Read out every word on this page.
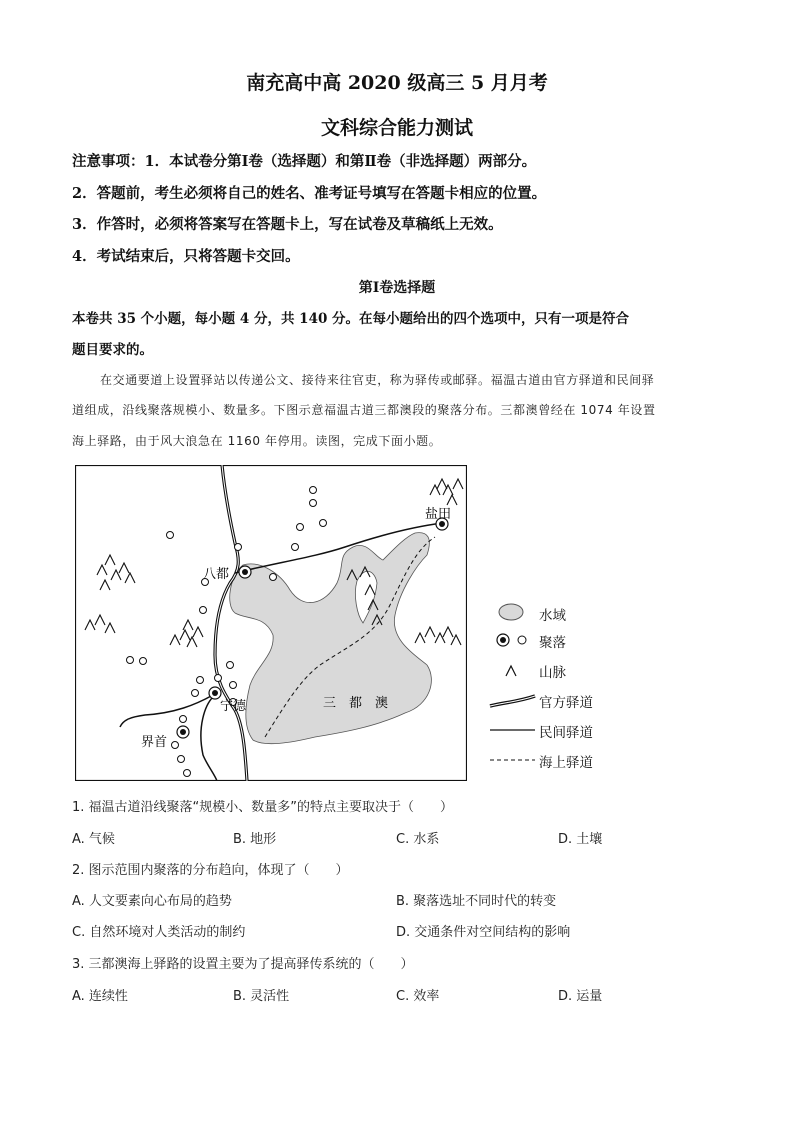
南充高中高 2020 级高三 5 月月考
文科综合能力测试
注意事项：1．本试卷分第Ⅰ卷（选择题）和第Ⅱ卷（非选择题）两部分。
2．答题前，考生必须将自己的姓名、准考证号填写在答题卡相应的位置。
3．作答时，必须将答案写在答题卡上，写在试卷及草稿纸上无效。
4．考试结束后，只将答题卡交回。
第Ⅰ卷选择题
本卷共 35 个小题，每小题 4 分，共 140 分。在每小题给出的四个选项中，只有一项是符合
题目要求的。
在交通要道上设置驿站以传递公文、接待来往官吏，称为驿传或邮驿。福温古道由官方驿道和民间驿
道组成，沿线聚落规模小、数量多。下图示意福温古道三都澳段的聚落分布。三都澳曾经在 1074 年设置
海上驿路，由于风大浪急在 1160 年停用。读图，完成下面小题。
盐田
八都
宁德
界首
三　都　澳
水域
聚落
山脉
官方驿道
民间驿道
海上驿道
1. 福温古道沿线聚落“规模小、数量多”的特点主要取决于（　　）
A. 气候	B. 地形	C. 水系	D. 土壤
2. 图示范围内聚落的分布趋向，体现了（　　）
A. 人文要素向心布局的趋势	B. 聚落选址不同时代的转变
C. 自然环境对人类活动的制约	D. 交通条件对空间结构的影响
3. 三都澳海上驿路的设置主要为了提高驿传系统的（　　）
A. 连续性	B. 灵活性	C. 效率	D. 运量
